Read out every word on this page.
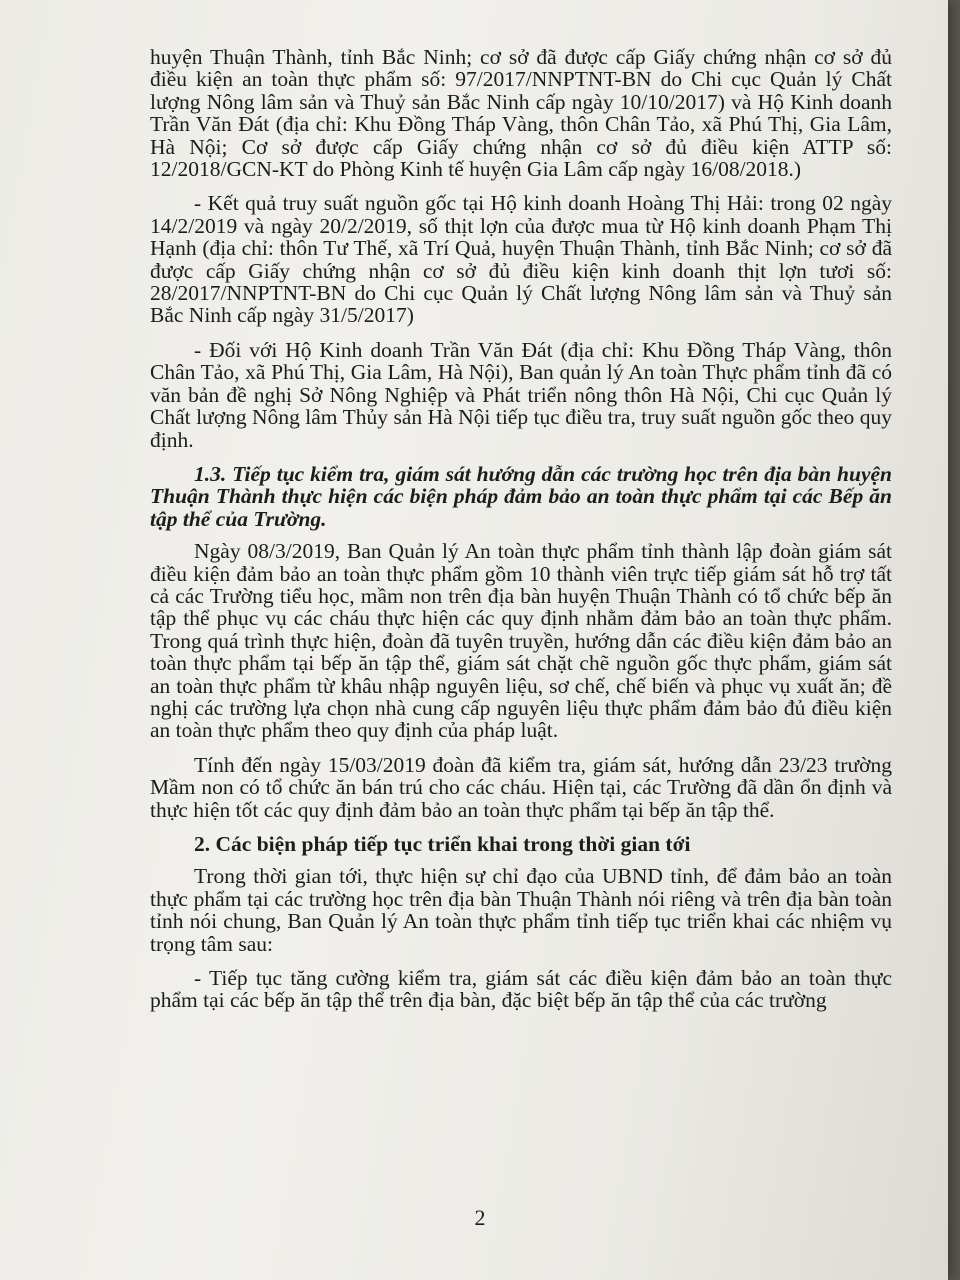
huyện Thuận Thành, tỉnh Bắc Ninh; cơ sở đã được cấp Giấy chứng nhận cơ sở đủ điều kiện an toàn thực phẩm số: 97/2017/NNPTNT-BN do Chi cục Quản lý Chất lượng Nông lâm sản và Thuỷ sản Bắc Ninh cấp ngày 10/10/2017) và Hộ Kinh doanh Trần Văn Đát (địa chỉ: Khu Đồng Tháp Vàng, thôn Chân Tảo, xã Phú Thị, Gia Lâm, Hà Nội; Cơ sở được cấp Giấy chứng nhận cơ sở đủ điều kiện ATTP số: 12/2018/GCN-KT do Phòng Kinh tế huyện Gia Lâm cấp ngày 16/08/2018.)

- Kết quả truy suất nguồn gốc tại Hộ kinh doanh Hoàng Thị Hải: trong 02 ngày 14/2/2019 và ngày 20/2/2019, số thịt lợn của được mua từ Hộ kinh doanh Phạm Thị Hạnh (địa chỉ: thôn Tư Thế, xã Trí Quả, huyện Thuận Thành, tỉnh Bắc Ninh; cơ sở đã được cấp Giấy chứng nhận cơ sở đủ điều kiện kinh doanh thịt lợn tươi số: 28/2017/NNPTNT-BN do Chi cục Quản lý Chất lượng Nông lâm sản và Thuỷ sản Bắc Ninh cấp ngày 31/5/2017)

- Đối với Hộ Kinh doanh Trần Văn Đát (địa chỉ: Khu Đồng Tháp Vàng, thôn Chân Tảo, xã Phú Thị, Gia Lâm, Hà Nội), Ban quản lý An toàn Thực phẩm tỉnh đã có văn bản đề nghị Sở Nông Nghiệp và Phát triển nông thôn Hà Nội, Chi cục Quản lý Chất lượng Nông lâm Thủy sản Hà Nội tiếp tục điều tra, truy suất nguồn gốc theo quy định.

1.3. Tiếp tục kiểm tra, giám sát hướng dẫn các trường học trên địa bàn huyện Thuận Thành thực hiện các biện pháp đảm bảo an toàn thực phẩm tại các Bếp ăn tập thể của Trường.

Ngày 08/3/2019, Ban Quản lý An toàn thực phẩm tỉnh thành lập đoàn giám sát điều kiện đảm bảo an toàn thực phẩm gồm 10 thành viên trực tiếp giám sát hỗ trợ tất cả các Trường tiểu học, mầm non trên địa bàn huyện Thuận Thành có tổ chức bếp ăn tập thể phục vụ các cháu thực hiện các quy định nhằm đảm bảo an toàn thực phẩm. Trong quá trình thực hiện, đoàn đã tuyên truyền, hướng dẫn các điều kiện đảm bảo an toàn thực phẩm tại bếp ăn tập thể, giám sát chặt chẽ nguồn gốc thực phẩm, giám sát an toàn thực phẩm từ khâu nhập nguyên liệu, sơ chế, chế biến và phục vụ xuất ăn; đề nghị các trường lựa chọn nhà cung cấp nguyên liệu thực phẩm đảm bảo đủ điều kiện an toàn thực phẩm theo quy định của pháp luật.

Tính đến ngày 15/03/2019 đoàn đã kiểm tra, giám sát, hướng dẫn 23/23 trường Mầm non có tổ chức ăn bán trú cho các cháu. Hiện tại, các Trường đã dần ổn định và thực hiện tốt các quy định đảm bảo an toàn thực phẩm tại bếp ăn tập thể.

2. Các biện pháp tiếp tục triển khai trong thời gian tới

Trong thời gian tới, thực hiện sự chỉ đạo của UBND tỉnh, để đảm bảo an toàn thực phẩm tại các trường học trên địa bàn Thuận Thành nói riêng và trên địa bàn toàn tỉnh nói chung, Ban Quản lý An toàn thực phẩm tỉnh tiếp tục triển khai các nhiệm vụ trọng tâm sau:

- Tiếp tục tăng cường kiểm tra, giám sát các điều kiện đảm bảo an toàn thực phẩm tại các bếp ăn tập thể trên địa bàn, đặc biệt bếp ăn tập thể của các trường

2
